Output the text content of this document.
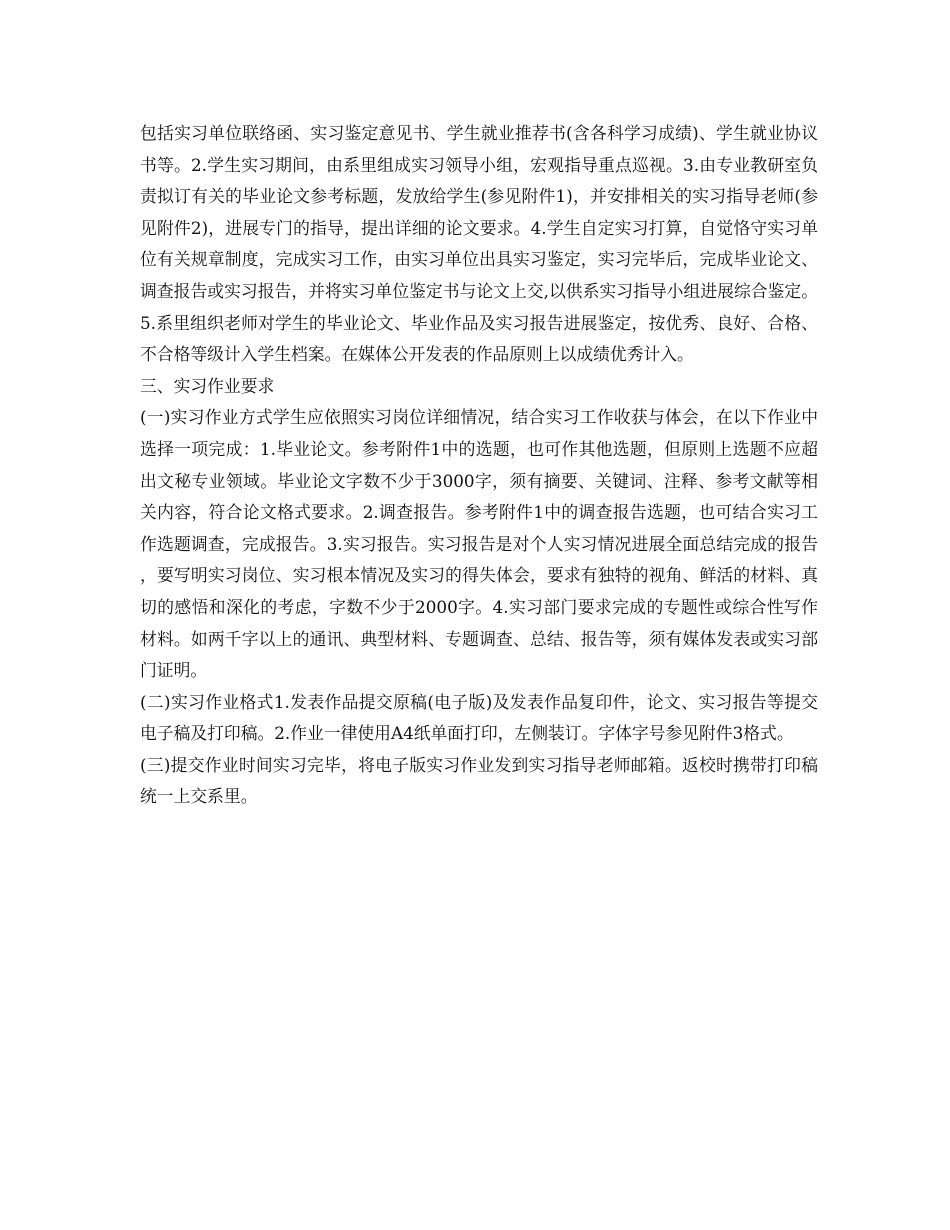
包括实习单位联络函、实习鉴定意见书、学生就业推荐书(含各科学习成绩)、学生就业协议书等。2.学生实习期间，由系里组成实习领导小组，宏观指导重点巡视。3.由专业教研室负责拟订有关的毕业论文参考标题，发放给学生(参见附件1)，并安排相关的实习指导老师(参见附件2)，进展专门的指导，提出详细的论文要求。4.学生自定实习打算，自觉恪守实习单位有关规章制度，完成实习工作，由实习单位出具实习鉴定，实习完毕后，完成毕业论文、调查报告或实习报告，并将实习单位鉴定书与论文上交,以供系实习指导小组进展综合鉴定。5.系里组织老师对学生的毕业论文、毕业作品及实习报告进展鉴定，按优秀、良好、合格、不合格等级计入学生档案。在媒体公开发表的作品原则上以成绩优秀计入。

三、实习作业要求

(一)实习作业方式学生应依照实习岗位详细情况，结合实习工作收获与体会，在以下作业中选择一项完成：1.毕业论文。参考附件1中的选题，也可作其他选题，但原则上选题不应超出文秘专业领域。毕业论文字数不少于3000字，须有摘要、关键词、注释、参考文献等相关内容，符合论文格式要求。2.调查报告。参考附件1中的调查报告选题，也可结合实习工作选题调查，完成报告。3.实习报告。实习报告是对个人实习情况进展全面总结完成的报告，要写明实习岗位、实习根本情况及实习的得失体会，要求有独特的视角、鲜活的材料、真切的感悟和深化的考虑，字数不少于2000字。4.实习部门要求完成的专题性或综合性写作材料。如两千字以上的通讯、典型材料、专题调查、总结、报告等，须有媒体发表或实习部门证明。

(二)实习作业格式1.发表作品提交原稿(电子版)及发表作品复印件，论文、实习报告等提交电子稿及打印稿。2.作业一律使用A4纸单面打印，左侧装订。字体字号参见附件3格式。

(三)提交作业时间实习完毕，将电子版实习作业发到实习指导老师邮箱。返校时携带打印稿统一上交系里。
